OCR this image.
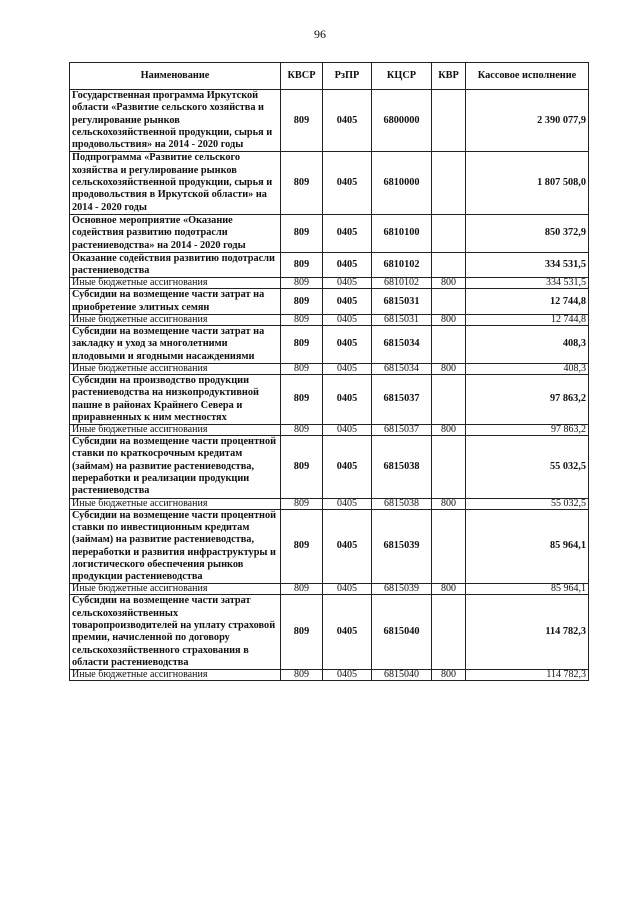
96
Наименование	КВСР	РзПР	КЦСР	КВР	Кассовое исполнение
Государственная программа Иркутской области «Развитие сельского хозяйства и регулирование рынков сельскохозяйственной продукции, сырья и продовольствия» на 2014 - 2020 годы	809	0405	6800000		2 390 077,9
Подпрограмма «Развитие сельского хозяйства и регулирование рынков сельскохозяйственной продукции, сырья и продовольствия в Иркутской области» на 2014 - 2020 годы	809	0405	6810000		1 807 508,0
Основное мероприятие «Оказание содействия развитию подотрасли растениеводства» на 2014 - 2020 годы	809	0405	6810100		850 372,9
Оказание содействия развитию подотрасли растениеводства	809	0405	6810102		334 531,5
Иные бюджетные ассигнования	809	0405	6810102	800	334 531,5
Субсидии на возмещение части затрат на приобретение элитных семян	809	0405	6815031		12 744,8
Иные бюджетные ассигнования	809	0405	6815031	800	12 744,8
Субсидии на возмещение части затрат на закладку и уход за многолетними плодовыми и ягодными насаждениями	809	0405	6815034		408,3
Иные бюджетные ассигнования	809	0405	6815034	800	408,3
Субсидии на производство продукции растениеводства на низкопродуктивной пашне в районах Крайнего Севера и приравненных к ним местностях	809	0405	6815037		97 863,2
Иные бюджетные ассигнования	809	0405	6815037	800	97 863,2
Субсидии на возмещение части процентной ставки по краткосрочным кредитам (займам) на развитие растениеводства, переработки и реализации продукции растениеводства	809	0405	6815038		55 032,5
Иные бюджетные ассигнования	809	0405	6815038	800	55 032,5
Субсидии на возмещение части процентной ставки по инвестиционным кредитам (займам) на развитие растениеводства, переработки и развития инфраструктуры и логистического обеспечения рынков продукции растениеводства	809	0405	6815039		85 964,1
Иные бюджетные ассигнования	809	0405	6815039	800	85 964,1
Субсидии на возмещение части затрат сельскохозяйственных товаропроизводителей на уплату страховой премии, начисленной по договору сельскохозяйственного страхования в области растениеводства	809	0405	6815040		114 782,3
Иные бюджетные ассигнования	809	0405	6815040	800	114 782,3
